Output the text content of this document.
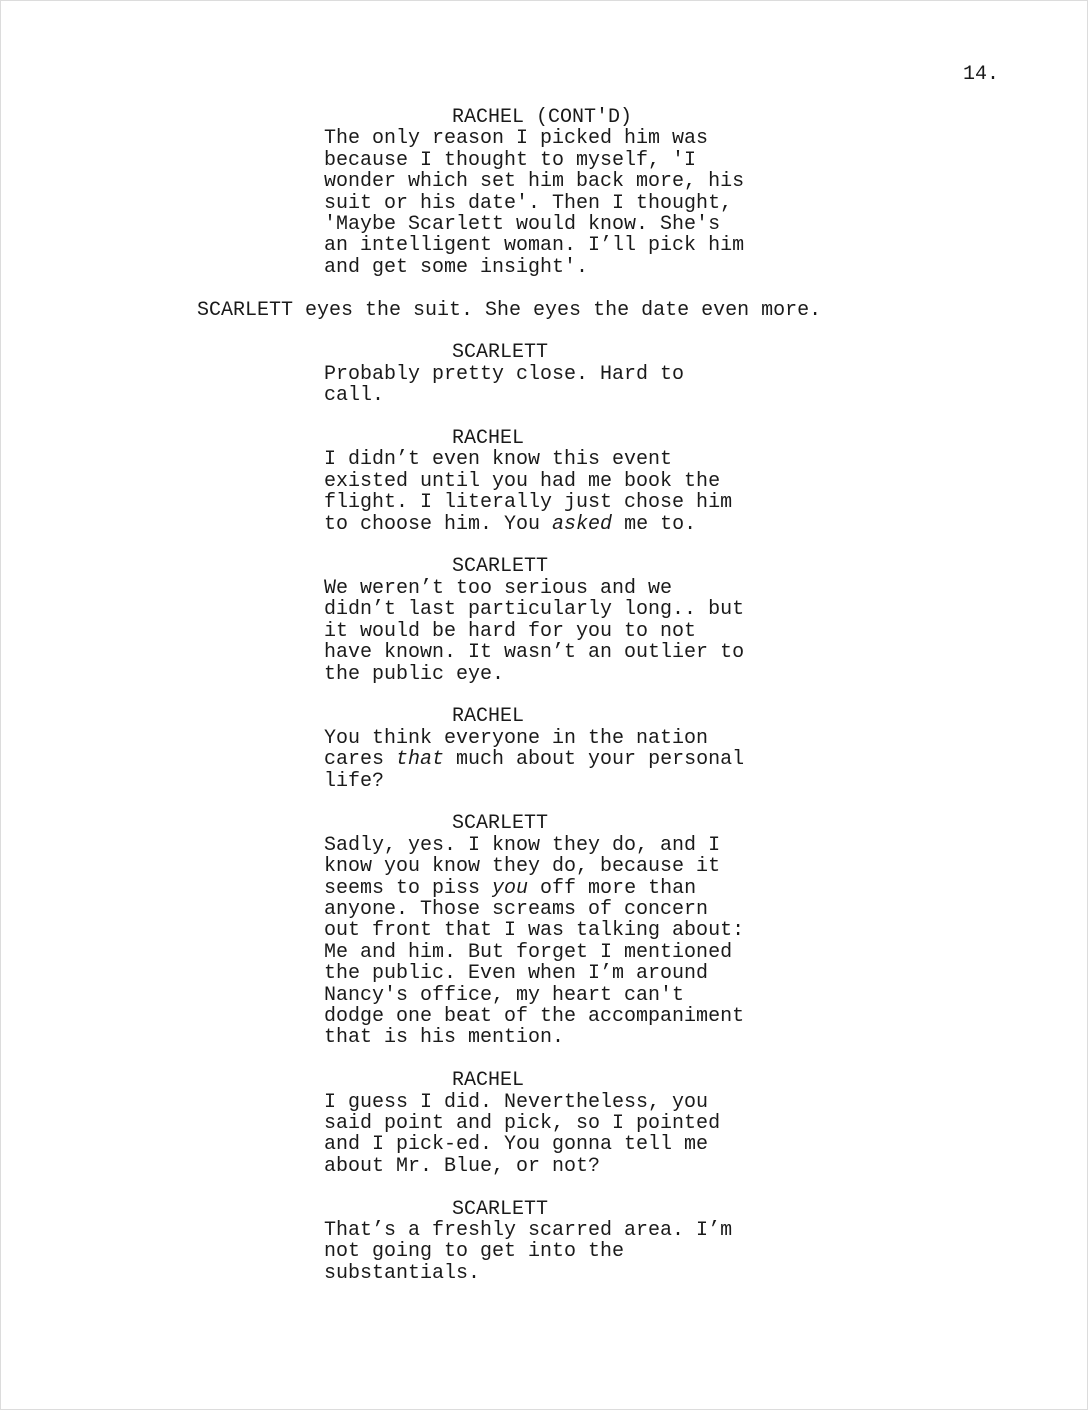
14.
RACHEL (CONT'D)
The only reason I picked him was
because I thought to myself, 'I
wonder which set him back more, his
suit or his date'. Then I thought,
'Maybe Scarlett would know. She's
an intelligent woman. I’ll pick him
and get some insight'.
SCARLETT eyes the suit. She eyes the date even more.
SCARLETT
Probably pretty close. Hard to
call.
RACHEL
I didn’t even know this event
existed until you had me book the
flight. I literally just chose him
to choose him. You asked me to.
SCARLETT
We weren’t too serious and we
didn’t last particularly long.. but
it would be hard for you to not
have known. It wasn’t an outlier to
the public eye.
RACHEL
You think everyone in the nation
cares that much about your personal
life?
SCARLETT
Sadly, yes. I know they do, and I
know you know they do, because it
seems to piss you off more than
anyone. Those screams of concern
out front that I was talking about:
Me and him. But forget I mentioned
the public. Even when I’m around
Nancy's office, my heart can't
dodge one beat of the accompaniment
that is his mention.
RACHEL
I guess I did. Nevertheless, you
said point and pick, so I pointed
and I pick-ed. You gonna tell me
about Mr. Blue, or not?
SCARLETT
That’s a freshly scarred area. I’m
not going to get into the
substantials.
